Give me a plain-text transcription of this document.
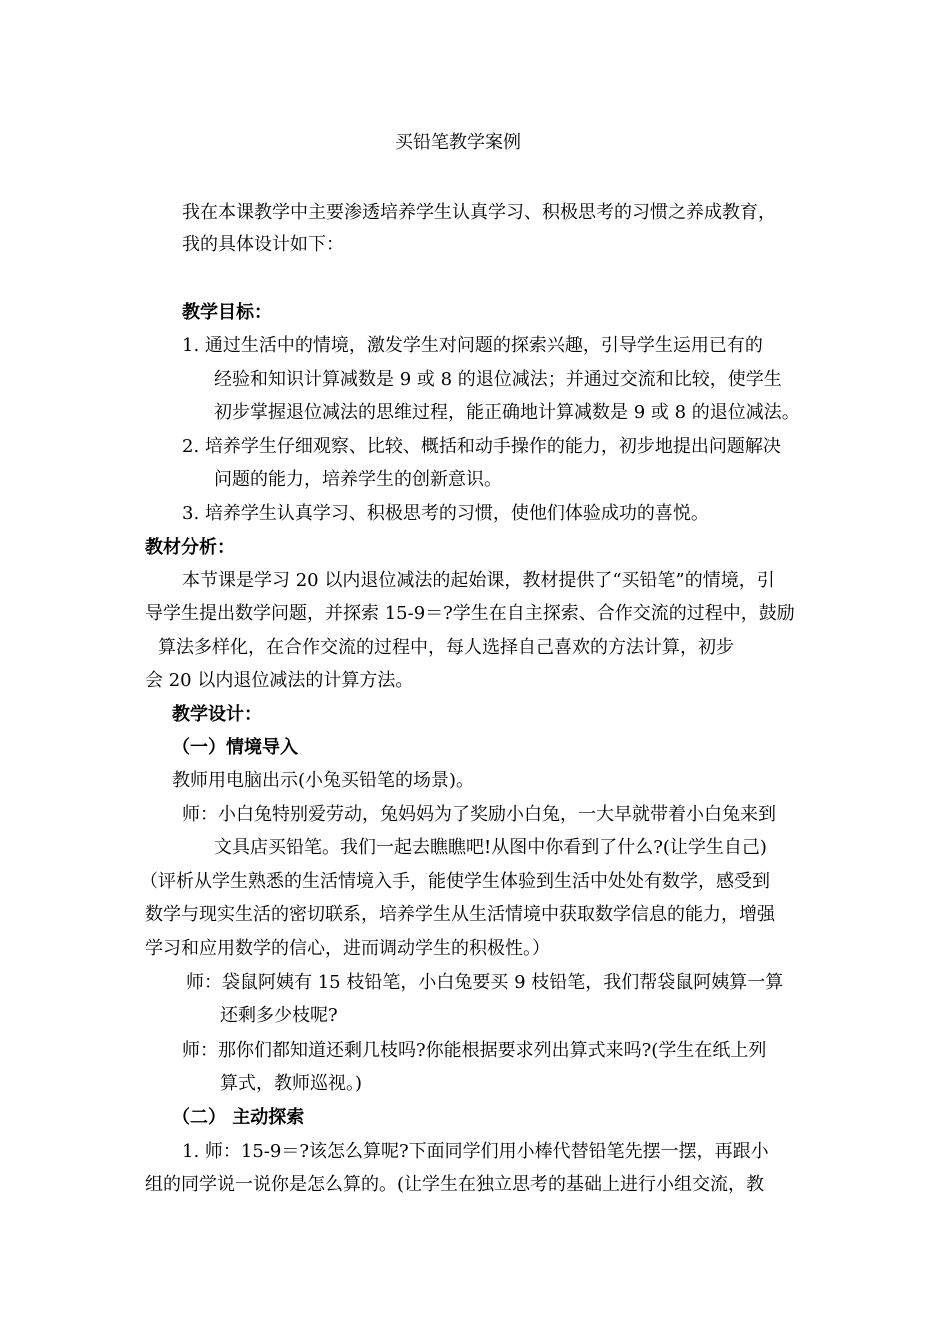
买铅笔教学案例
我在本课教学中主要渗透培养学生认真学习、积极思考的习惯之养成教育，
我的具体设计如下：
教学目标：
1. 通过生活中的情境，激发学生对问题的探索兴趣，引导学生运用已有的
经验和知识计算减数是 9 或 8 的退位减法；并通过交流和比较，使学生
初步掌握退位减法的思维过程，能正确地计算减数是 9 或 8 的退位减法。
2. 培养学生仔细观察、比较、概括和动手操作的能力，初步地提出问题解决
问题的能力，培养学生的创新意识。
3. 培养学生认真学习、积极思考的习惯，使他们体验成功的喜悦。
教材分析：
本节课是学习 20 以内退位减法的起始课，教材提供了“买铅笔”的情境，引
导学生提出数学问题，并探索 15-9＝?学生在自主探索、合作交流的过程中，鼓励
算法多样化，在合作交流的过程中，每人选择自己喜欢的方法计算，初步
会 20 以内退位减法的计算方法。
教学设计：
（一）情境导入
教师用电脑出示(小兔买铅笔的场景)。
师：小白兔特别爱劳动，兔妈妈为了奖励小白兔，一大早就带着小白兔来到
文具店买铅笔。我们一起去瞧瞧吧!从图中你看到了什么?(让学生自己)
（评析从学生熟悉的生活情境入手，能使学生体验到生活中处处有数学，感受到
数学与现实生活的密切联系，培养学生从生活情境中获取数学信息的能力，增强
学习和应用数学的信心，进而调动学生的积极性。）
师：袋鼠阿姨有 15 枝铅笔，小白兔要买 9 枝铅笔，我们帮袋鼠阿姨算一算
还剩多少枝呢?
师：那你们都知道还剩几枝吗?你能根据要求列出算式来吗?(学生在纸上列
算式，教师巡视。)
（二） 主动探索
1. 师：15-9＝?该怎么算呢?下面同学们用小棒代替铅笔先摆一摆，再跟小
组的同学说一说你是怎么算的。(让学生在独立思考的基础上进行小组交流，教
